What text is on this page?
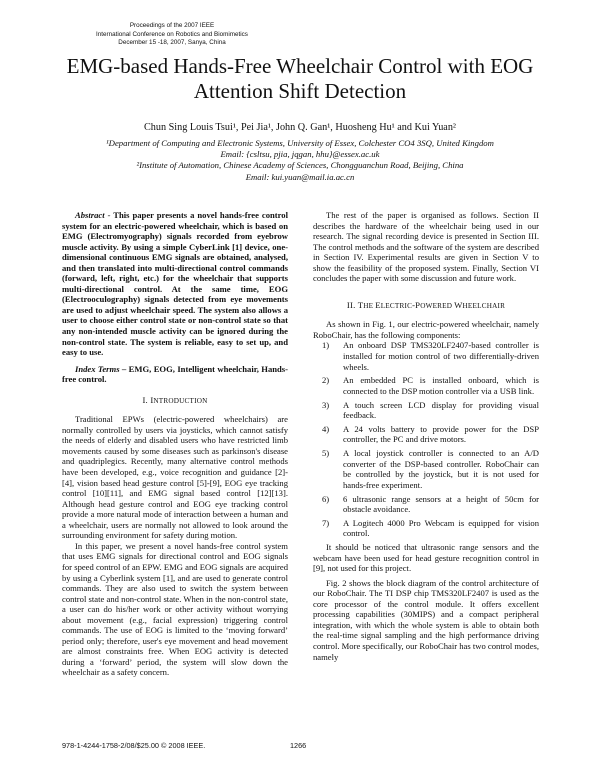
Proceedings of the 2007 IEEE
International Conference on Robotics and Biomimetics
December 15 -18, 2007, Sanya, China
EMG-based Hands-Free Wheelchair Control with EOG
Attention Shift Detection
Chun Sing Louis Tsui¹, Pei Jia¹, John Q. Gan¹, Huosheng Hu¹ and Kui Yuan²
¹Department of Computing and Electronic Systems, University of Essex, Colchester CO4 3SQ, United Kingdom
Email: {csltsu, pjia, jqgan, hhu}@essex.ac.uk
²Institute of Automation, Chinese Academy of Sciences, Chongguanchun Road, Beijing, China
Email: kui.yuan@mail.ia.ac.cn

Abstract - This paper presents a novel hands-free control system for an electric-powered wheelchair, which is based on EMG (Electromyography) signals recorded from eyebrow muscle activity. By using a simple CyberLink [1] device, one-dimensional continuous EMG signals are obtained, analysed, and then translated into multi-directional control commands (forward, left, right, etc.) for the wheelchair that supports multi-directional control. At the same time, EOG (Electrooculography) signals detected from eye movements are used to adjust wheelchair speed. The system also allows a user to choose either control state or non-control state so that any non-intended muscle activity can be ignored during the non-control state. The system is reliable, easy to set up, and easy to use.

Index Terms – EMG, EOG, Intelligent wheelchair, Hands-free control.

I. INTRODUCTION

Traditional EPWs (electric-powered wheelchairs) are normally controlled by users via joysticks, which cannot satisfy the needs of elderly and disabled users who have restricted limb movements caused by some diseases such as parkinson's disease and quadriplegics. Recently, many alternative control methods have been developed, e.g., voice recognition and guidance [2]-[4], vision based head gesture control [5]-[9], EOG eye tracking control [10][11], and EMG signal based control [12][13]. Although head gesture control and EOG eye tracking control provide a more natural mode of interaction between a human and a wheelchair, users are normally not allowed to look around the surrounding environment for safety during motion.

In this paper, we present a novel hands-free control system that uses EMG signals for directional control and EOG signals for speed control of an EPW. EMG and EOG signals are acquired by using a Cyberlink system [1], and are used to generate control commands. They are also used to switch the system between control state and non-control state. When in the non-control state, a user can do his/her work or other activity without worrying about movement (e.g., facial expression) triggering control commands. The use of EOG is limited to the ‘moving forward’ period only; therefore, user's eye movement and head movement are almost constraints free. When EOG activity is detected during a ‘forward’ period, the system will slow down the wheelchair as a safety concern.

The rest of the paper is organised as follows. Section II describes the hardware of the wheelchair being used in our research. The signal recording device is presented in Section III. The control methods and the software of the system are described in Section IV. Experimental results are given in Section V to show the feasibility of the proposed system. Finally, Section VI concludes the paper with some discussion and future work.

II. THE ELECTRIC-POWERED WHEELCHAIR

As shown in Fig. 1, our electric-powered wheelchair, namely RoboChair, has the following components:

1) An onboard DSP TMS320LF2407-based controller is installed for motion control of two differentially-driven wheels.
2) An embedded PC is installed onboard, which is connected to the DSP motion controller via a USB link.
3) A touch screen LCD display for providing visual feedback.
4) A 24 volts battery to provide power for the DSP controller, the PC and drive motors.
5) A local joystick controller is connected to an A/D converter of the DSP-based controller. RoboChair can be controlled by the joystick, but it is not used for hands-free experiment.
6) 6 ultrasonic range sensors at a height of 50cm for obstacle avoidance.
7) A Logitech 4000 Pro Webcam is equipped for vision control.

It should be noticed that ultrasonic range sensors and the webcam have been used for head gesture recognition control in [9], not used for this project.

Fig. 2 shows the block diagram of the control architecture of our RoboChair. The TI DSP chip TMS320LF2407 is used as the core processor of the control module. It offers excellent processing capabilities (30MIPS) and a compact peripheral integration, with which the whole system is able to obtain both the real-time signal sampling and the high performance driving control. More specifically, our RoboChair has two control modes, namely

978-1-4244-1758-2/08/$25.00 © 2008 IEEE.	1266
